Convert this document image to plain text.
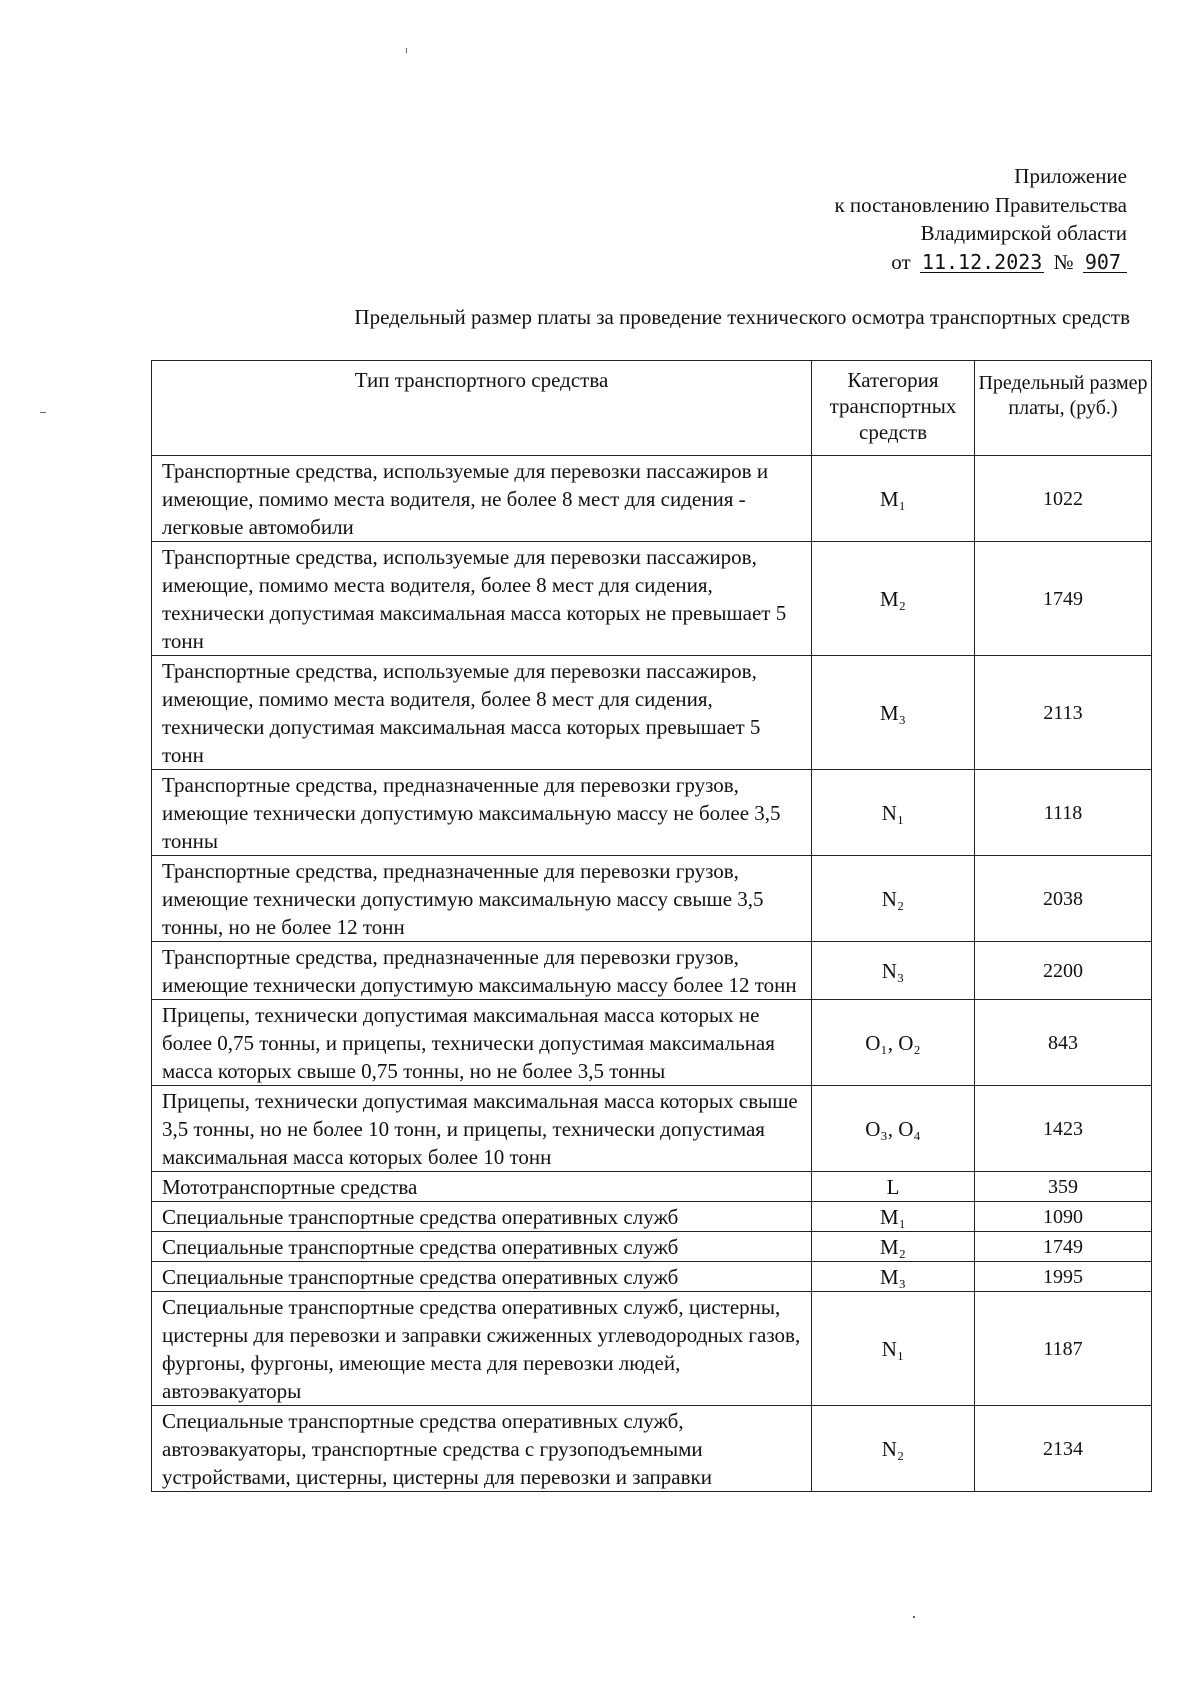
Приложение
к постановлению Правительства
Владимирской области
от 11.12.2023 № 907
Предельный размер платы за проведение технического осмотра транспортных средств
Тип транспортного средства	Категория транспортных средств	Предельный размер платы, (руб.)
Транспортные средства, используемые для перевозки пассажиров и имеющие, помимо места водителя, не более 8 мест для сидения - легковые автомобили	M₁	1022
Транспортные средства, используемые для перевозки пассажиров, имеющие, помимо места водителя, более 8 мест для сидения, технически допустимая максимальная масса которых не превышает 5 тонн	M₂	1749
Транспортные средства, используемые для перевозки пассажиров, имеющие, помимо места водителя, более 8 мест для сидения, технически допустимая максимальная масса которых превышает 5 тонн	M₃	2113
Транспортные средства, предназначенные для перевозки грузов, имеющие технически допустимую максимальную массу не более 3,5 тонны	N₁	1118
Транспортные средства, предназначенные для перевозки грузов, имеющие технически допустимую максимальную массу свыше 3,5 тонны, но не более 12 тонн	N₂	2038
Транспортные средства, предназначенные для перевозки грузов, имеющие технически допустимую максимальную массу более 12 тонн	N₃	2200
Прицепы, технически допустимая максимальная масса которых не более 0,75 тонны, и прицепы, технически допустимая максимальная масса которых свыше 0,75 тонны, но не более 3,5 тонны	O₁, O₂	843
Прицепы, технически допустимая максимальная масса которых свыше 3,5 тонны, но не более 10 тонн, и прицепы, технически допустимая максимальная масса которых более 10 тонн	O₃, O₄	1423
Мототранспортные средства	L	359
Специальные транспортные средства оперативных служб	M₁	1090
Специальные транспортные средства оперативных служб	M₂	1749
Специальные транспортные средства оперативных служб	M₃	1995
Специальные транспортные средства оперативных служб, цистерны, цистерны для перевозки и заправки сжиженных углеводородных газов, фургоны, фургоны, имеющие места для перевозки людей, автоэвакуаторы	N₁	1187
Специальные транспортные средства оперативных служб, автоэвакуаторы, транспортные средства с грузоподъемными устройствами, цистерны, цистерны для перевозки и заправки	N₂	2134
